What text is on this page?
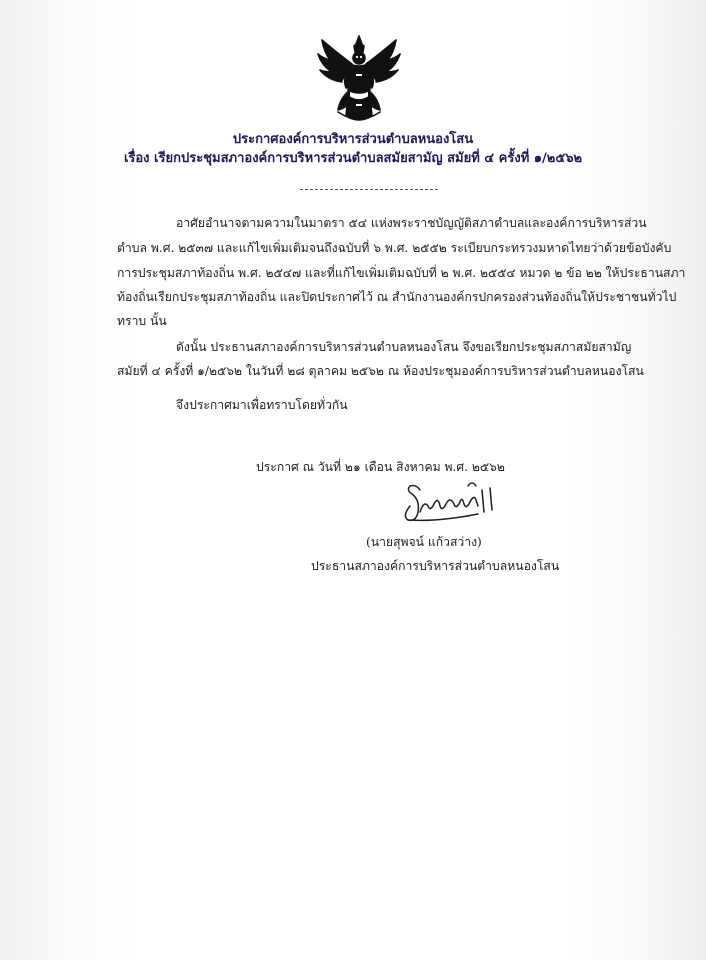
ประกาศองค์การบริหารส่วนตำบลหนองโสน
เรื่อง เรียกประชุมสภาองค์การบริหารส่วนตำบลสมัยสามัญ สมัยที่ ๔ ครั้งที่ ๑/๒๕๖๒
อาศัยอำนาจตามความในมาตรา ๕๔ แห่งพระราชบัญญัติสภาตำบลและองค์การบริหารส่วน
ตำบล พ.ศ. ๒๕๓๗ และแก้ไขเพิ่มเติมจนถึงฉบับที่ ๖ พ.ศ. ๒๕๕๒ ระเบียบกระทรวงมหาดไทยว่าด้วยข้อบังคับ
การประชุมสภาท้องถิ่น พ.ศ. ๒๕๔๗ และที่แก้ไขเพิ่มเติมฉบับที่ ๒ พ.ศ. ๒๕๕๔ หมวด ๒ ข้อ ๒๒ ให้ประธานสภา
ท้องถิ่นเรียกประชุมสภาท้องถิ่น และปิดประกาศไว้ ณ สำนักงานองค์กรปกครองส่วนท้องถิ่นให้ประชาชนทั่วไป
ทราบ นั้น
ดังนั้น ประธานสภาองค์การบริหารส่วนตำบลหนองโสน จึงขอเรียกประชุมสภาสมัยสามัญ
สมัยที่ ๔ ครั้งที่ ๑/๒๕๖๒ ในวันที่ ๒๘ ตุลาคม ๒๕๖๒ ณ ห้องประชุมองค์การบริหารส่วนตำบลหนองโสน
จึงประกาศมาเพื่อทราบโดยทั่วกัน
ประกาศ ณ วันที่ ๒๑ เดือน สิงหาคม พ.ศ. ๒๕๖๒
(นายสุพจน์ แก้วสว่าง)
ประธานสภาองค์การบริหารส่วนตำบลหนองโสน
